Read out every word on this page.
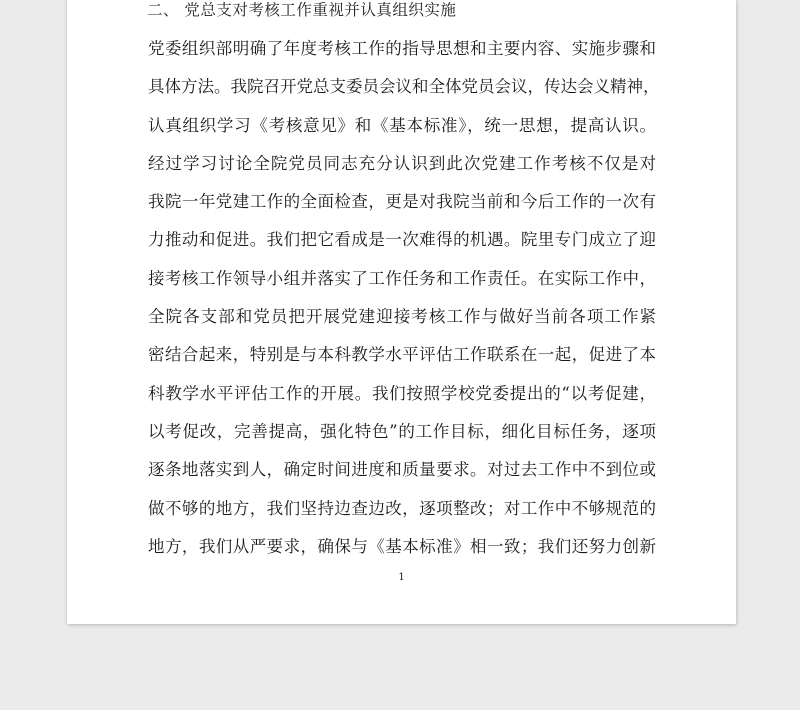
二、 党总支对考核工作重视并认真组织实施
党委组织部明确了年度考核工作的指导思想和主要内容、实施步骤和
具体方法。我院召开党总支委员会议和全体党员会议，传达会义精神，
认真组织学习《考核意见》和《基本标准》，统一思想，提高认识。
经过学习讨论全院党员同志充分认识到此次党建工作考核不仅是对
我院一年党建工作的全面检查，更是对我院当前和今后工作的一次有
力推动和促进。我们把它看成是一次难得的机遇。院里专门成立了迎
接考核工作领导小组并落实了工作任务和工作责任。在实际工作中，
全院各支部和党员把开展党建迎接考核工作与做好当前各项工作紧
密结合起来，特别是与本科教学水平评估工作联系在一起，促进了本
科教学水平评估工作的开展。我们按照学校党委提出的“以考促建，
以考促改，完善提高，强化特色”的工作目标，细化目标任务，逐项
逐条地落实到人，确定时间进度和质量要求。对过去工作中不到位或
做不够的地方，我们坚持边查边改，逐项整改；对工作中不够规范的
地方，我们从严要求，确保与《基本标准》相一致；我们还努力创新
1
